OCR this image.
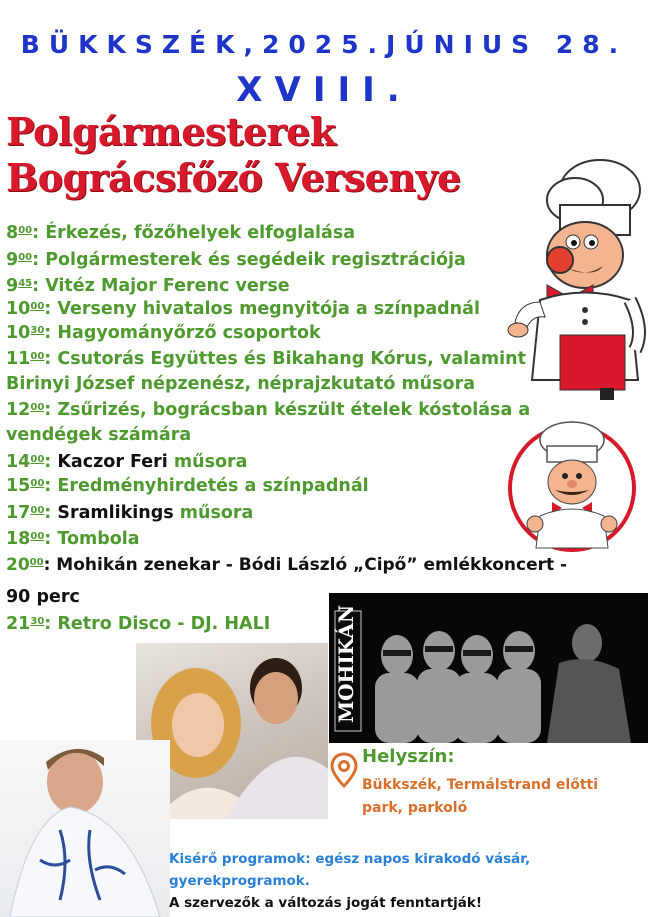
BÜKKSZÉK,2025.JÚNIUS 28.
XVIII.
Polgármesterek
Bográcsfőző Versenye
$8^{00}$: Érkezés, főzőhelyek elfoglalása
$9^{00}$: Polgármesterek és segédeik regisztrációja
$9^{45}$: Vitéz Major Ferenc verse
$10^{00}$: Verseny hivatalos megnyitója a színpadnál
$10^{30}$: Hagyományőrző csoportok
$11^{00}$: Csutorás Együttes és Bikahang Kórus, valamint Birinyi József népzenész, néprajzkutató műsora
$12^{00}$: Zsűrizés, bográcsban készült ételek kóstolása a vendégek számára
$14^{00}$: Kaczor Feri műsora
$15^{00}$: Eredményhirdetés a színpadnál
$17^{00}$: Sramlikings műsora
$18^{00}$: Tombola
$20^{00}$: Mohikán zenekar - Bódi László „Cipő” emlékkoncert -
90 perc
$21^{30}$: Retro Disco - DJ. HALI	MOHIKÁN
Helyszín:
Bükkszék, Termálstrand előtti
park, parkoló
Kisérő programok: egész napos kirakodó vásár,
gyerekprogramok.
A szervezők a változás jogát fenntartják!
